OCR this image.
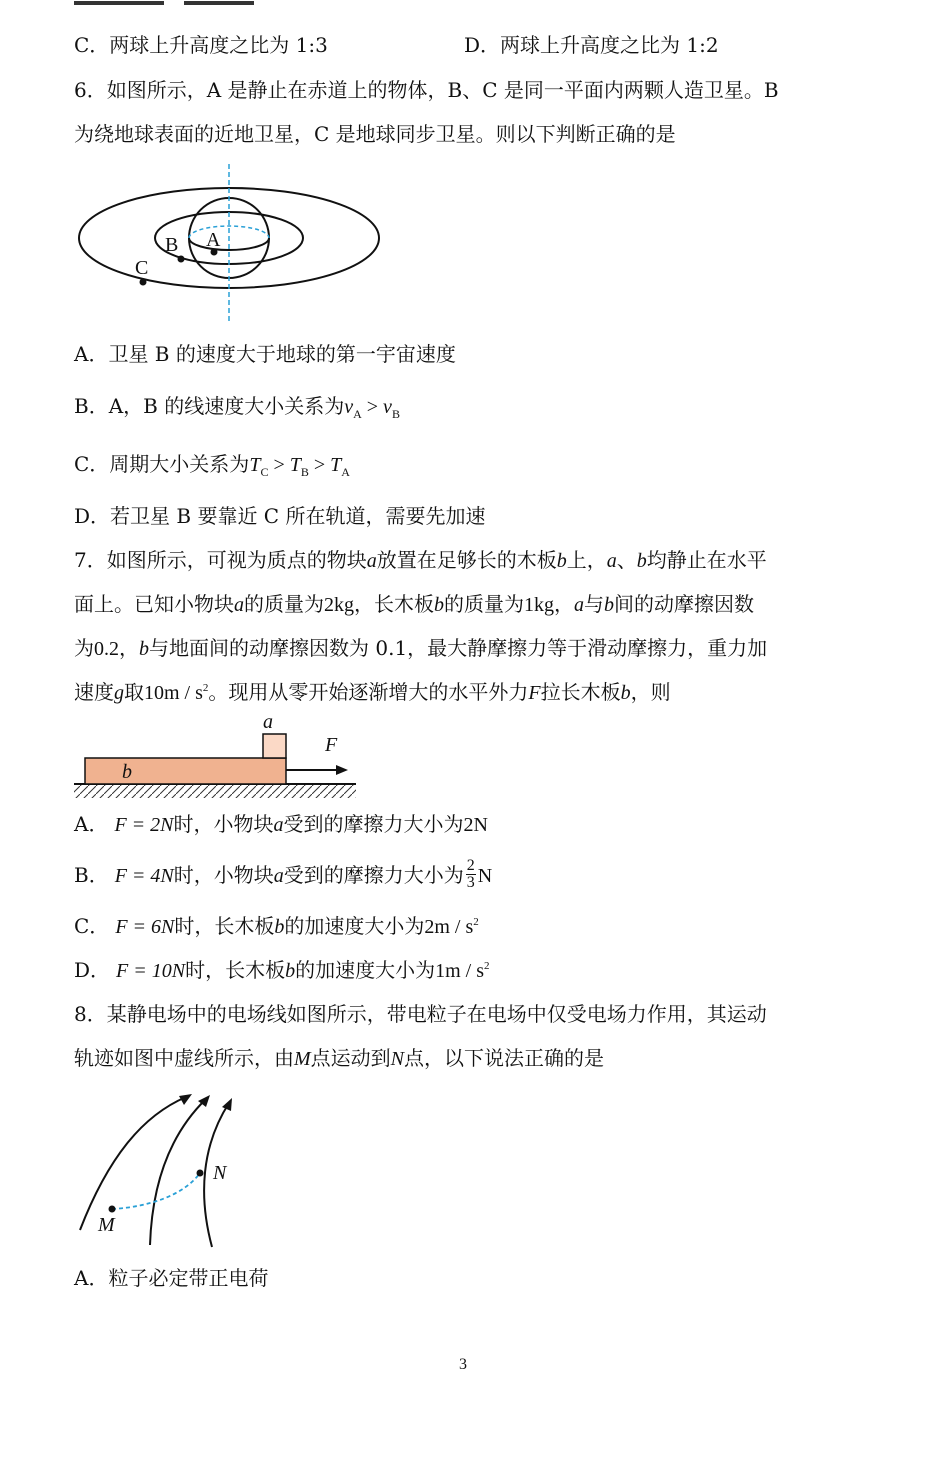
C．两球上升高度之比为 1:3	D．两球上升高度之比为 1:2
6．如图所示，A 是静止在赤道上的物体，B、C 是同一平面内两颗人造卫星。B
为绕地球表面的近地卫星，C 是地球同步卫星。则以下判断正确的是
A
B
C
A．卫星 B 的速度大于地球的第一宇宙速度
B．A，B 的线速度大小关系为$v_A > v_B$
C．周期大小关系为$T_C > T_B > T_A$
D．若卫星 B 要靠近 C 所在轨道，需要先加速
7．如图所示，可视为质点的物块a放置在足够长的木板b上，a、b均静止在水平
面上。已知小物块a的质量为2kg，长木板b的质量为1kg，a与b间的动摩擦因数
为0.2，b与地面间的动摩擦因数为 0.1，最大静摩擦力等于滑动摩擦力，重力加
速度g取$10m / s^2$。现用从零开始逐渐增大的水平外力F拉长木板b，则
a
b
F
A． F = 2N时，小物块a受到的摩擦力大小为2N
B． F = 4N时，小物块a受到的摩擦力大小为 $\frac{2}{3}$ N
C． F = 6N时，长木板b的加速度大小为$2m / s^2$
D． F = 10N时，长木板b的加速度大小为$1m / s^2$
8．某静电场中的电场线如图所示，带电粒子在电场中仅受电场力作用，其运动
轨迹如图中虚线所示，由M点运动到N点，以下说法正确的是
M
N
A．粒子必定带正电荷
3
